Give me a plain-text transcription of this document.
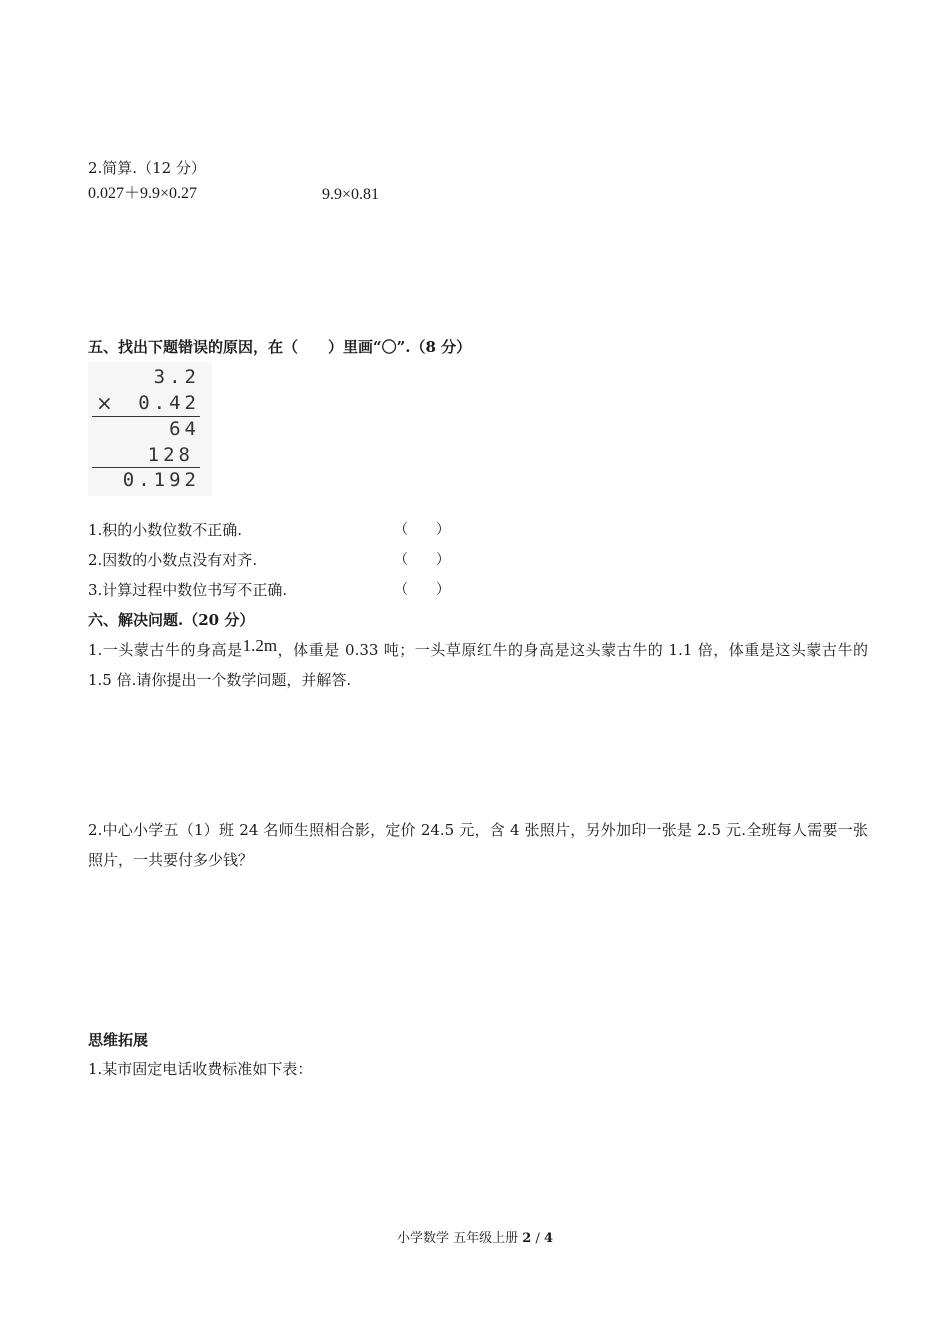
2.简算.（12 分）
0.027＋9.9×0.27	9.9×0.81
五、找出下题错误的原因，在（　　）里画“〇”.（8 分）
3.2
× 0.42
64
128
0.192
1.积的小数位数不正确.	（　　）
2.因数的小数点没有对齐.	（　　）
3.计算过程中数位书写不正确.	（　　）
六、解决问题.（20 分）
1.一头蒙古牛的身高是1.2m，体重是 0.33 吨；一头草原红牛的身高是这头蒙古牛的 1.1 倍，体重是这头蒙古牛的 1.5 倍.请你提出一个数学问题，并解答.
2.中心小学五（1）班 24 名师生照相合影，定价 24.5 元，含 4 张照片，另外加印一张是 2.5 元.全班每人需要一张照片，一共要付多少钱？
思维拓展
1.某市固定电话收费标准如下表：
小学数学 五年级上册 2 / 4
